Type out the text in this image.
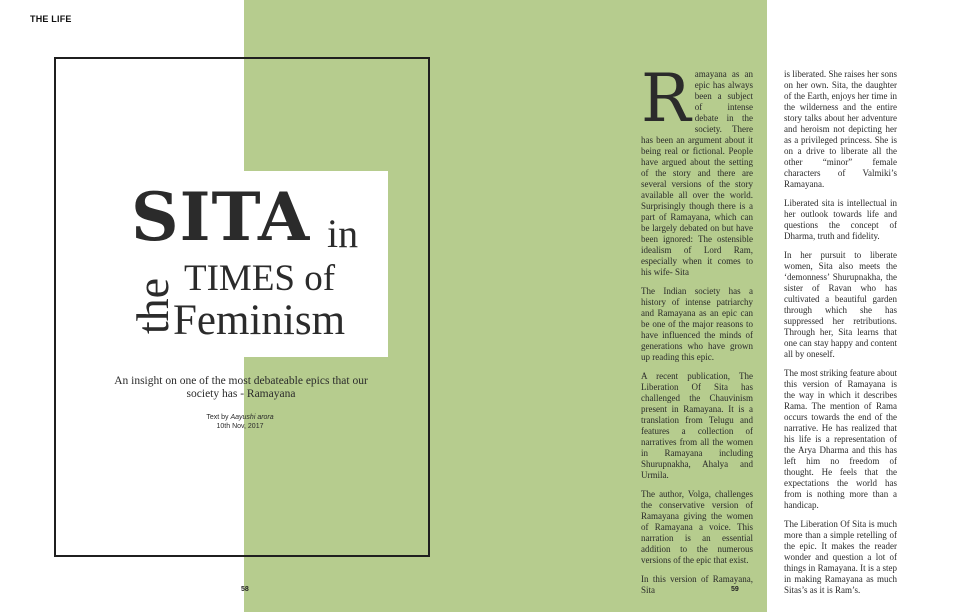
THE LIFE
SITA in
the TIMES of
Feminism
An insight on one of the most debateable epics that our society has - Ramayana
Text by Aayushi arora
10th Nov, 2017
58	59

Ramayana as an epic has always been a subject of intense debate in the society. There has been an argument about it being real or fictional. People have argued about the setting of the story and there are several versions of the story available all over the world. Surprisingly though there is a part of Ramayana, which can be largely debated on but have been ignored: The ostensible idealism of Lord Ram, especially when it comes to his wife- Sita

The Indian society has a history of intense patriarchy and Ramayana as an epic can be one of the major reasons to have influenced the minds of generations who have grown up reading this epic.

A recent publication, The Liberation Of Sita has challenged the Chauvinism present in Ramayana. It is a translation from Telugu and features a collection of narratives from all the women in Ramayana including Shurupnakha, Ahalya and Urmila.

The author, Volga, challenges the conservative version of Ramayana giving the women of Ramayana a voice. This narration is an essential addition to the numerous versions of the epic that exist.

In this version of Ramayana, Sita

is liberated. She raises her sons on her own. Sita, the daughter of the Earth, enjoys her time in the wilderness and the entire story talks about her adventure and heroism not depicting her as a privileged princess. She is on a drive to liberate all the other “minor” female characters of Valmiki’s Ramayana.

Liberated sita is intellectual in her outlook towards life and questions the concept of Dharma, truth and fidelity.

In her pursuit to liberate women, Sita also meets the ‘demonness’ Shurupnakha, the sister of Ravan who has cultivated a beautiful garden through which she has suppressed her retributions. Through her, Sita learns that one can stay happy and content all by oneself.

The most striking feature about this version of Ramayana is the way in which it describes Rama. The mention of Rama occurs towards the end of the narrative. He has realized that his life is a representation of the Arya Dharma and this has left him no freedom of thought. He feels that the expectations the world has from is nothing more than a handicap.

The Liberation Of Sita is much more than a simple retelling of the epic. It makes the reader wonder and question a lot of things in Ramayana. It is a step in making Ramayana as much Sitas’s as it is Ram’s.
